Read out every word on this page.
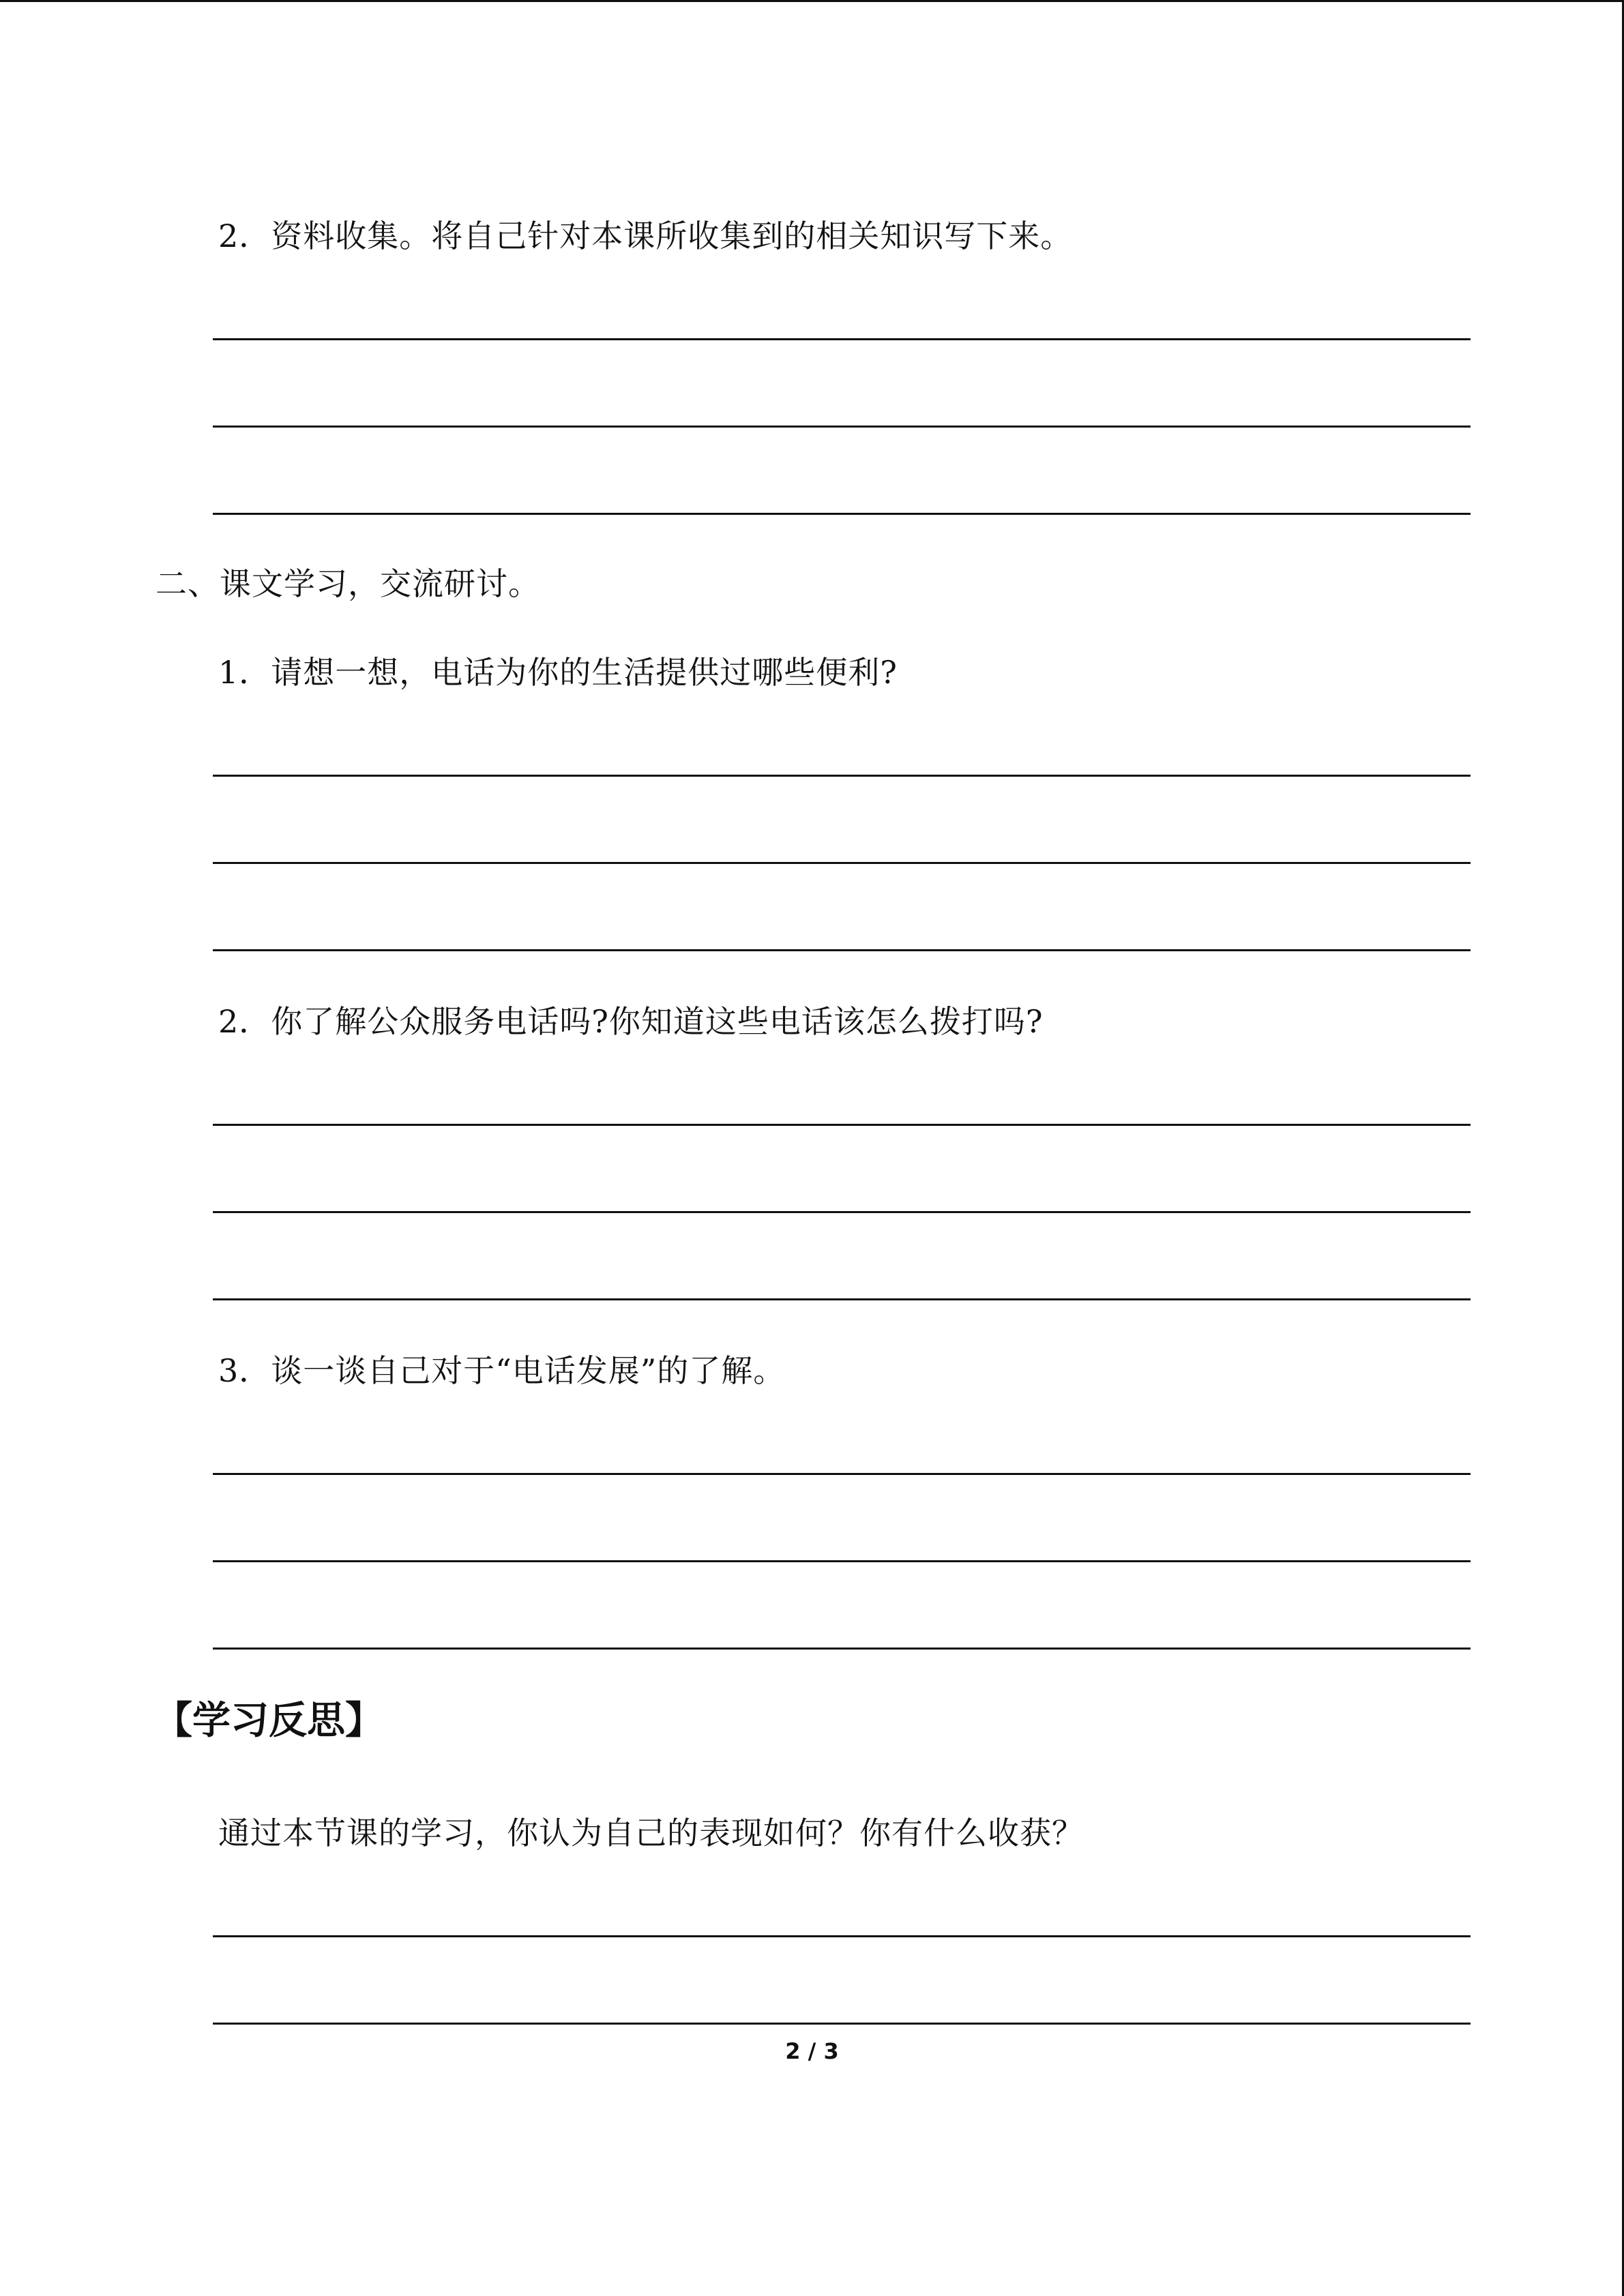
2．资料收集。将自己针对本课所收集到的相关知识写下来。
二、课文学习，交流研讨。
1．请想一想，电话为你的生活提供过哪些便利?
2．你了解公众服务电话吗?你知道这些电话该怎么拨打吗?
3．谈一谈自己对于“电话发展”的了解。
【学习反思】
通过本节课的学习，你认为自己的表现如何？你有什么收获？
2 / 3
